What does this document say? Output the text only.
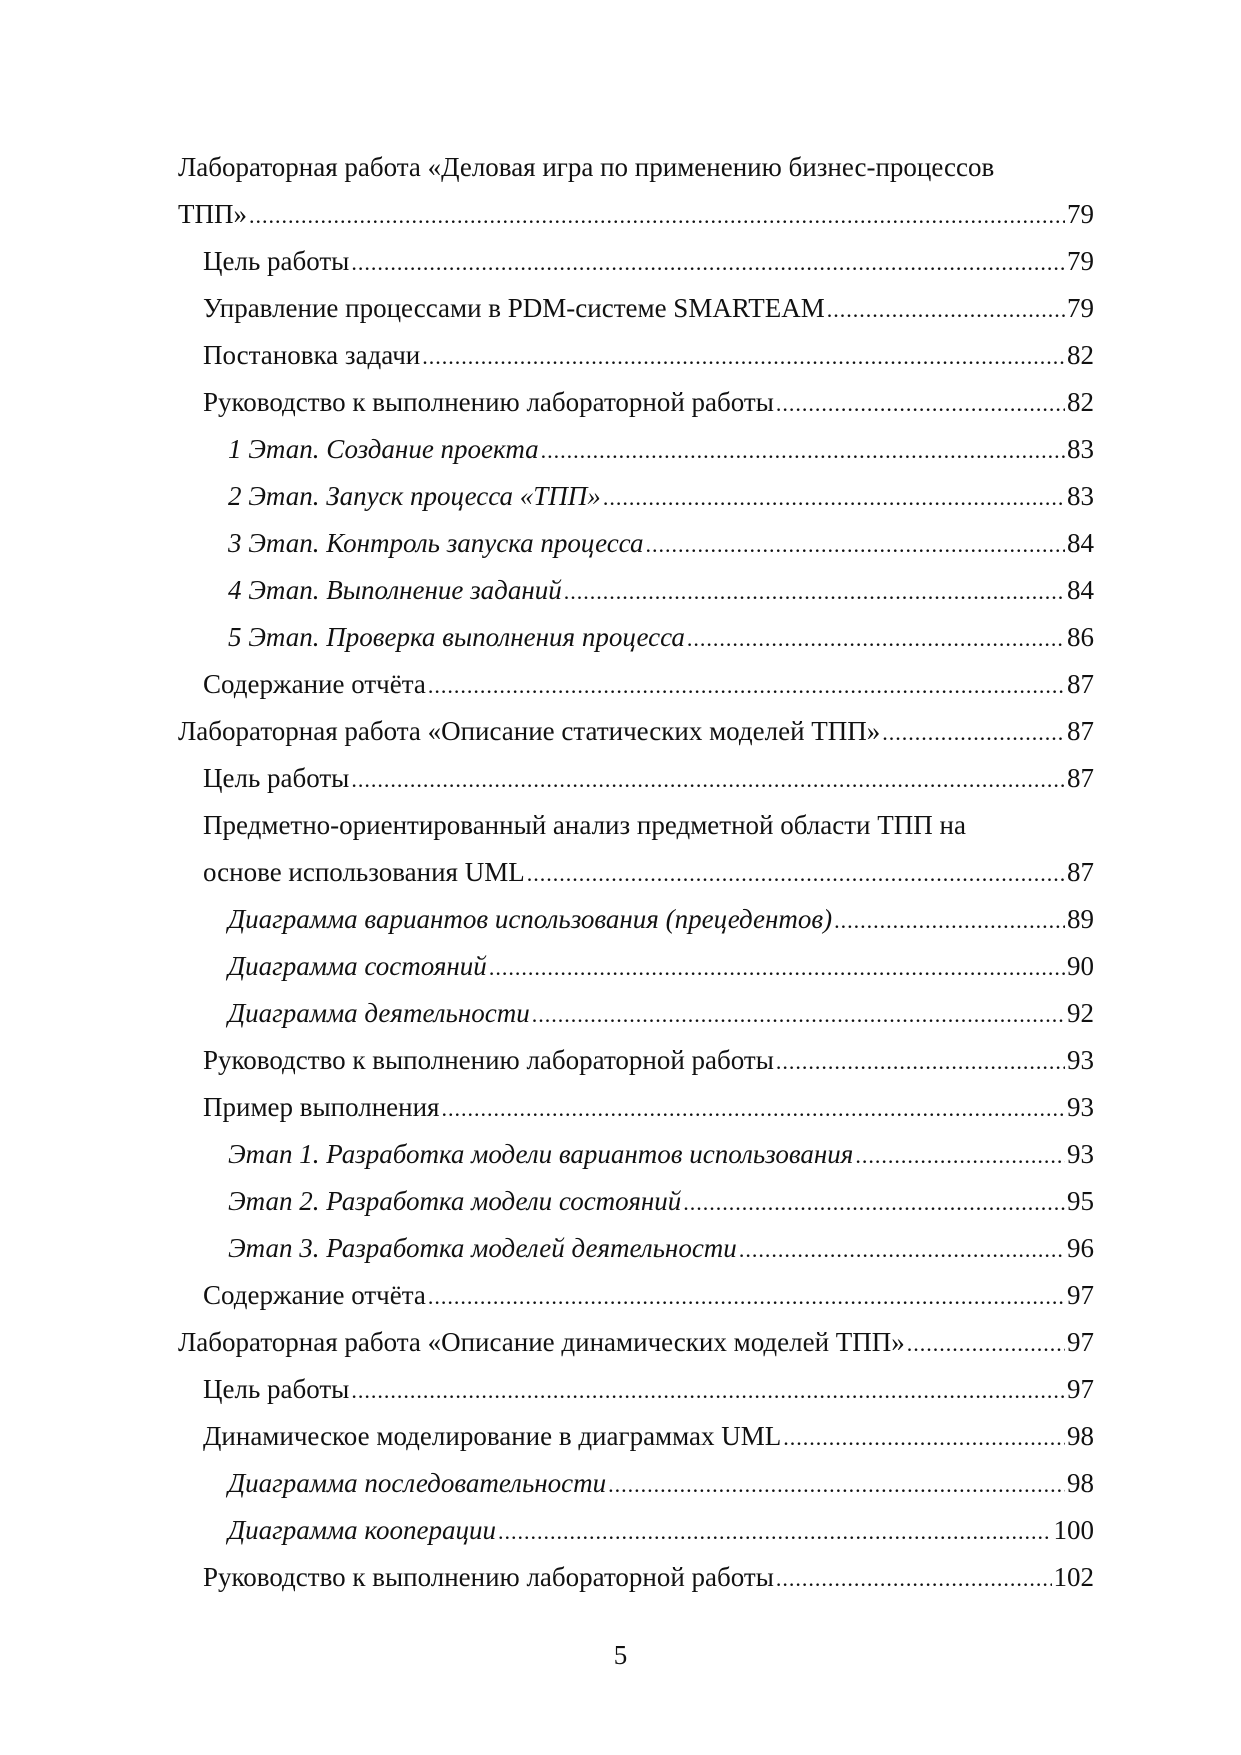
Лабораторная работа «Деловая игра по применению бизнес-процессов
ТПП» .....	79
Цель работы .....	79
Управление процессами в PDM-системе SMARTEAM .....	79
Постановка задачи .....	82
Руководство к выполнению лабораторной работы .....	82
1 Этап. Создание проекта .....	83
2 Этап. Запуск процесса «ТПП» .....	83
3 Этап. Контроль запуска процесса .....	84
4 Этап. Выполнение заданий .....	84
5 Этап. Проверка выполнения процесса .....	86
Содержание отчёта .....	87
Лабораторная работа «Описание статических моделей ТПП» .....	87
Цель работы .....	87
Предметно-ориентированный анализ предметной области ТПП на
основе использования UML .....	87
Диаграмма вариантов использования (прецедентов) .....	89
Диаграмма состояний .....	90
Диаграмма деятельности .....	92
Руководство к выполнению лабораторной работы .....	93
Пример выполнения .....	93
Этап 1. Разработка модели вариантов использования .....	93
Этап 2. Разработка модели состояний .....	95
Этап 3. Разработка моделей деятельности .....	96
Содержание отчёта .....	97
Лабораторная работа «Описание динамических моделей ТПП» .....	97
Цель работы .....	97
Динамическое моделирование в диаграммах UML .....	98
Диаграмма последовательности .....	98
Диаграмма кооперации .....	100
Руководство к выполнению лабораторной работы .....	102
5
